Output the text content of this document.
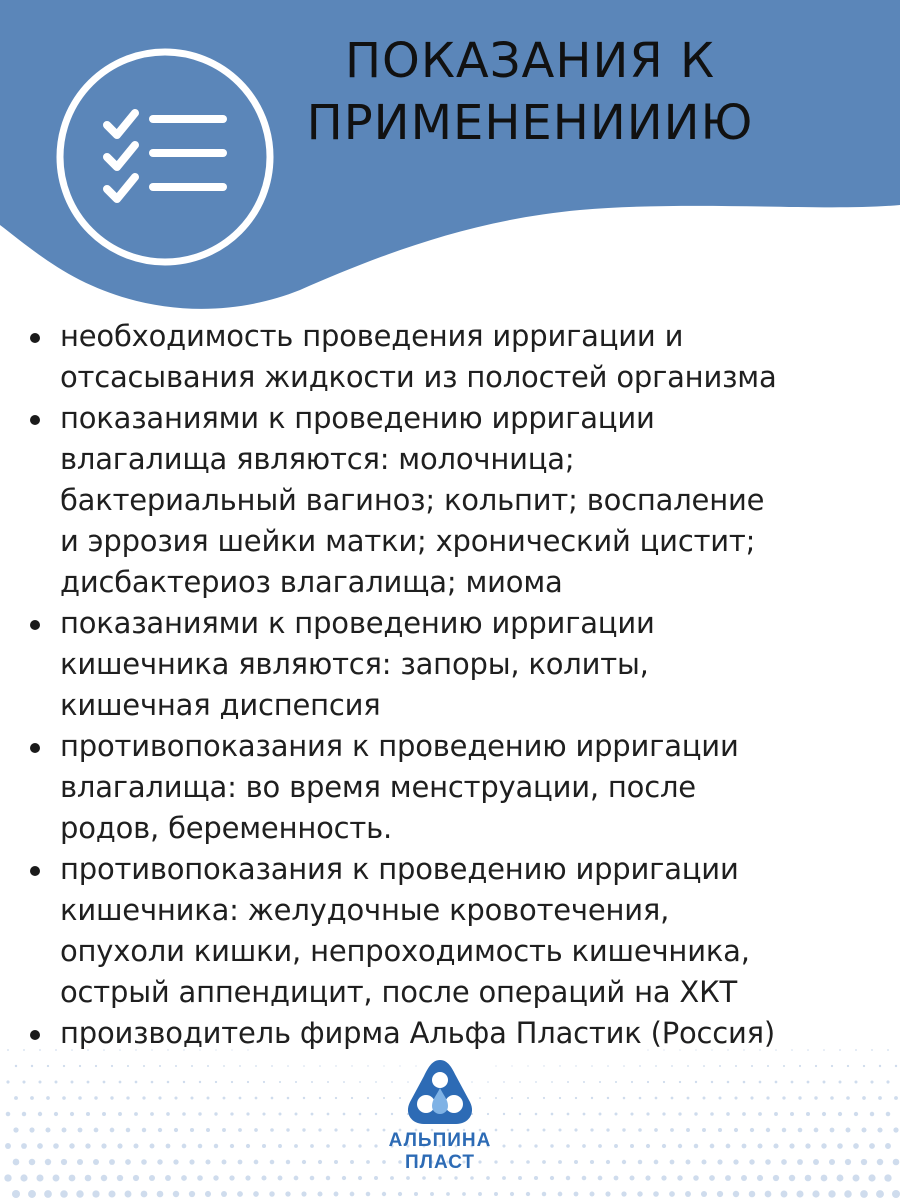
ПОКАЗАНИЯ К
ПРИМЕНЕНИИИЮ
необходимость проведения ирригации и
отсасывания жидкости из полостей организма
показаниями к проведению ирригации
влагалища являются: молочница;
бактериальный вагиноз; кольпит; воспаление
и эррозия шейки матки; хронический цистит;
дисбактериоз влагалища; миома
показаниями к проведению ирригации
кишечника являются: запоры, колиты,
кишечная диспепсия
противопоказания к проведению ирригации
влагалища: во время менструации, после
родов, беременность.
противопоказания к проведению ирригации
кишечника: желудочные кровотечения,
опухоли кишки, непроходимость кишечника,
острый аппендицит, после операций на ХКТ
производитель фирма Альфа Пластик (Россия)
АЛЬПИНА
ПЛАСТ
